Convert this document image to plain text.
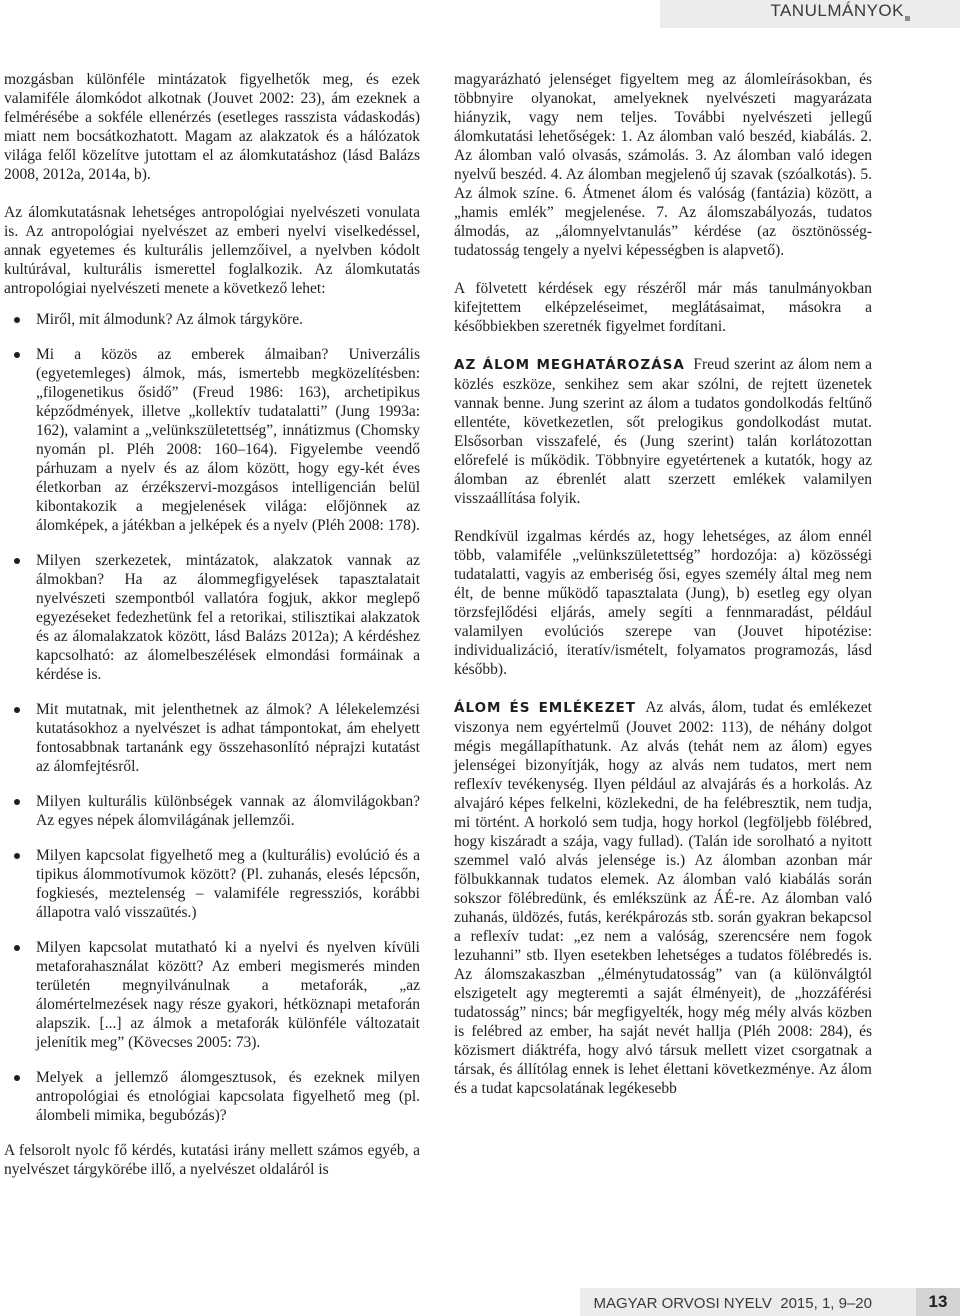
TANULMÁNYOK

mozgásban különféle mintázatok figyelhetők meg, és ezek valamiféle álomkódot alkotnak (Jouvet 2002: 23), ám ezeknek a felmérésébe a sokféle ellenérzés (esetleges rasszista vádaskodás) miatt nem bocsátkozhatott. Magam az alakzatok és a hálózatok világa felől közelítve jutottam el az álomkutatáshoz (lásd Balázs 2008, 2012a, 2014a, b).

Az álomkutatásnak lehetséges antropológiai nyelvészeti vonulata is. Az antropológiai nyelvészet az emberi nyelvi viselkedéssel, annak egyetemes és kulturális jellemzőivel, a nyelvben kódolt kultúrával, kulturális ismerettel foglalkozik. Az álomkutatás antropológiai nyelvészeti menete a következő lehet:

Miről, mit álmodunk? Az álmok tárgyköre.
Mi a közös az emberek álmaiban? Univerzális (egyetemleges) álmok, más, ismertebb megközelítésben: „filogenetikus ősidő” (Freud 1986: 163), archetipikus képződmények, illetve „kollektív tudatalatti” (Jung 1993a: 162), valamint a „velünkszületettség”, innátizmus (Chomsky nyomán pl. Pléh 2008: 160–164). Figyelembe veendő párhuzam a nyelv és az álom között, hogy egy-két éves életkorban az érzékszervi-mozgásos intelligencián belül kibontakozik a megjelenések világa: előjönnek az álomképek, a játékban a jelképek és a nyelv (Pléh 2008: 178).
Milyen szerkezetek, mintázatok, alakzatok vannak az álmokban? Ha az álommegfigyelések tapasztalatait nyelvészeti szempontból vallatóra fogjuk, akkor meglepő egyezéseket fedezhetünk fel a retorikai, stilisztikai alakzatok és az álomalakzatok között, lásd Balázs 2012a); A kérdéshez kapcsolható: az álomelbeszélések elmondási formáinak a kérdése is.
Mit mutatnak, mit jelenthetnek az álmok? A lélekelemzési kutatásokhoz a nyelvészet is adhat támpontokat, ám ehelyett fontosabbnak tartanánk egy összehasonlító néprajzi kutatást az álomfejtésről.
Milyen kulturális különbségek vannak az álomvilágokban? Az egyes népek álomvilágának jellemzői.
Milyen kapcsolat figyelhető meg a (kulturális) evolúció és a tipikus álommotívumok között? (Pl. zuhanás, elesés lépcsőn, fogkiesés, meztelenség – valamiféle regressziós, korábbi állapotra való visszaütés.)
Milyen kapcsolat mutatható ki a nyelvi és nyelven kívüli metaforahasználat között? Az emberi megismerés minden területén megnyilvánulnak a metaforák, „az álomértelmezések nagy része gyakori, hétköznapi metaforán alapszik. [...] az álmok a metaforák különféle változatait jelenítik meg” (Kövecses 2005: 73).
Melyek a jellemző álomgesztusok, és ezeknek milyen antropológiai és etnológiai kapcsolata figyelhető meg (pl. álombeli mimika, begubózás)?

A felsorolt nyolc fő kérdés, kutatási irány mellett számos egyéb, a nyelvészet tárgykörébe illő, a nyelvészet oldaláról is

magyarázható jelenséget figyeltem meg az álomleírásokban, és többnyire olyanokat, amelyeknek nyelvészeti magyarázata hiányzik, vagy nem teljes. További nyelvészeti jellegű álomkutatási lehetőségek: 1. Az álomban való beszéd, kiabálás. 2. Az álomban való olvasás, számolás. 3. Az álomban való idegen nyelvű beszéd. 4. Az álomban megjelenő új szavak (szóalkotás). 5. Az álmok színe. 6. Átmenet álom és valóság (fantázia) között, a „hamis emlék” megjelenése. 7. Az álomszabályozás, tudatos álmodás, az „álomnyelvtanulás” kérdése (az ösztönösség-tudatosság tengely a nyelvi képességben is alapvető).

A fölvetett kérdések egy részéről már más tanulmányokban kifejtettem elképzeléseimet, meglátásaimat, másokra a későbbiekben szeretnék figyelmet fordítani.

AZ ÁLOM MEGHATÁROZÁSA Freud szerint az álom nem a közlés eszköze, senkihez sem akar szólni, de rejtett üzenetek vannak benne. Jung szerint az álom a tudatos gondolkodás feltűnő ellentéte, következetlen, sőt prelogikus gondolkodást mutat. Elsősorban visszafelé, és (Jung szerint) talán korlátozottan előrefelé is működik. Többnyire egyetértenek a kutatók, hogy az álomban az ébrenlét alatt szerzett emlékek valamilyen visszaállítása folyik.

Rendkívül izgalmas kérdés az, hogy lehetséges, az álom ennél több, valamiféle „velünkszületettség” hordozója: a) közösségi tudatalatti, vagyis az emberiség ősi, egyes személy által meg nem élt, de benne működő tapasztalata (Jung), b) esetleg egy olyan törzsfejlődési eljárás, amely segíti a fennmaradást, például valamilyen evolúciós szerepe van (Jouvet hipotézise: individualizáció, iteratív/ismételt, folyamatos programozás, lásd később).

ÁLOM ÉS EMLÉKEZET Az alvás, álom, tudat és emlékezet viszonya nem egyértelmű (Jouvet 2002: 113), de néhány dolgot mégis megállapíthatunk. Az alvás (tehát nem az álom) egyes jelenségei bizonyítják, hogy az alvás nem tudatos, mert nem reflexív tevékenység. Ilyen például az alvajárás és a horkolás. Az alvajáró képes felkelni, közlekedni, de ha felébresztik, nem tudja, mi történt. A horkoló sem tudja, hogy horkol (legföljebb fölébred, hogy kiszáradt a szája, vagy fullad). (Talán ide sorolható a nyitott szemmel való alvás jelensége is.) Az álomban azonban már fölbukkannak tudatos elemek. Az álomban való kiabálás során sokszor fölébredünk, és emlékszünk az ÁÉ-re. Az álomban való zuhanás, üldözés, futás, kerékpározás stb. során gyakran bekapcsol a reflexív tudat: „ez nem a valóság, szerencsére nem fogok lezuhanni” stb. Ilyen esetekben lehetséges a tudatos fölébredés is. Az álomszakaszban „élménytudatosság” van (a különválgtól elszigetelt agy megteremti a saját élményeit), de „hozzáférési tudatosság” nincs; bár megfigyelték, hogy még mély alvás közben is felébred az ember, ha saját nevét hallja (Pléh 2008: 284), és közismert diáktréfa, hogy alvó társuk mellett vizet csorgatnak a társak, és állítólag ennek is lehet élettani következménye. Az álom és a tudat kapcsolatának legékesebb

MAGYAR ORVOSI NYELV 2015, 1, 9–20	13
